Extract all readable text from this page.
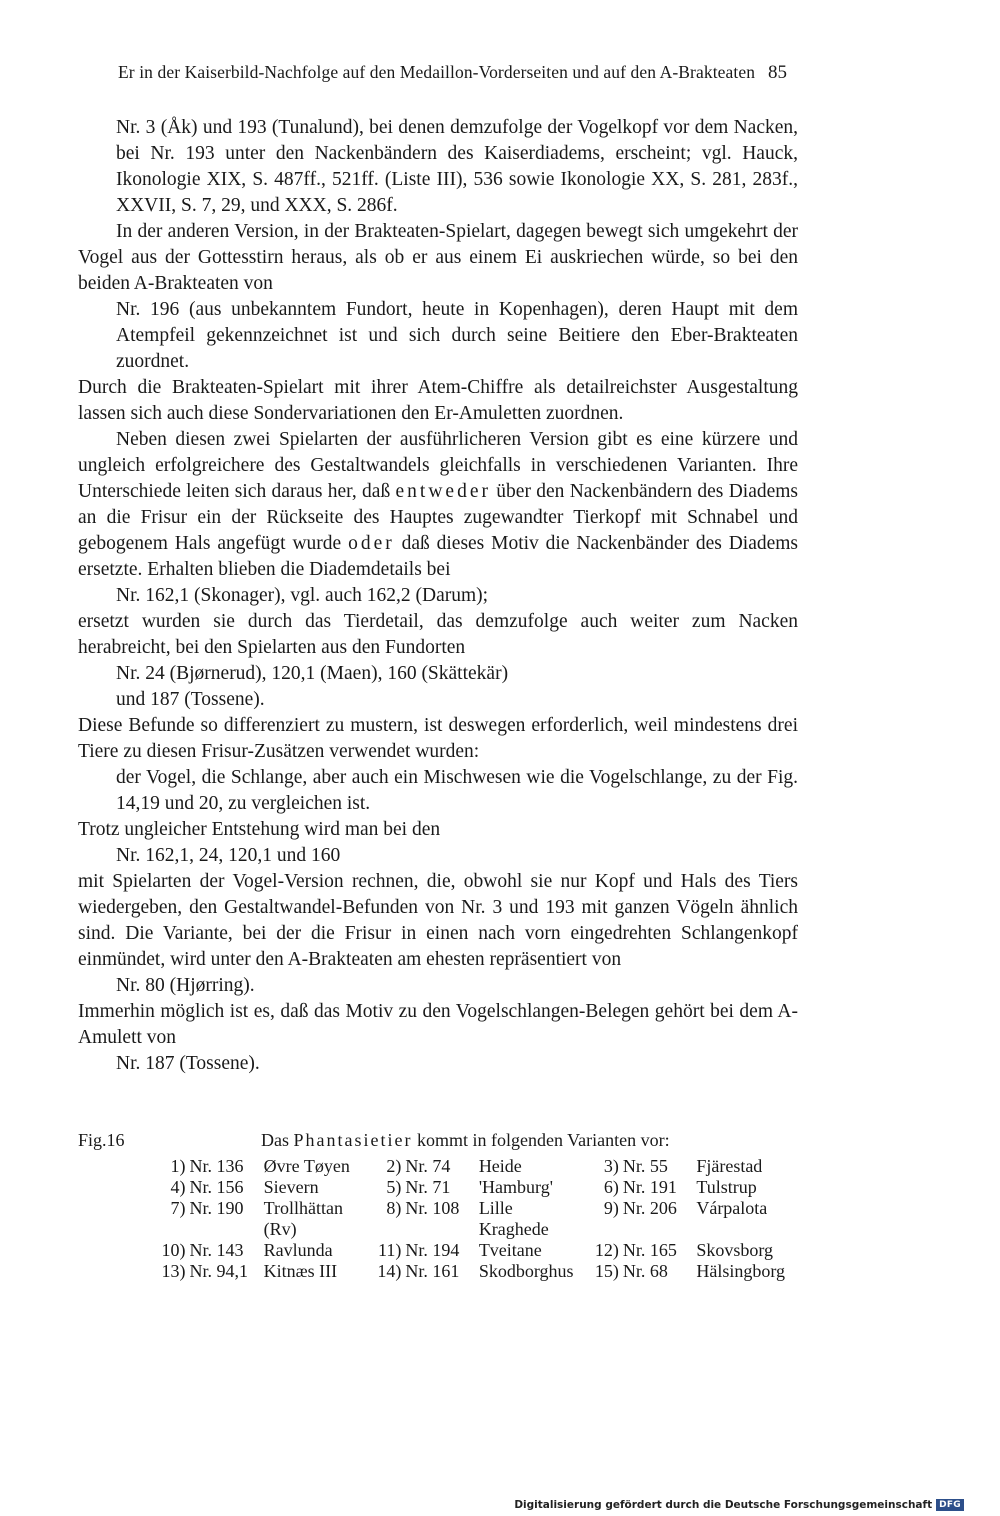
Er in der Kaiserbild-Nachfolge auf den Medaillon-Vorderseiten und auf den A-Brakteaten 85

Nr. 3 (Åk) und 193 (Tunalund), bei denen demzufolge der Vogelkopf vor dem Nacken, bei Nr. 193 unter den Nackenbändern des Kaiserdiadems, erscheint; vgl. Hauck, Ikonologie XIX, S. 487ff., 521ff. (Liste III), 536 sowie Ikonologie XX, S. 281, 283f., XXVII, S. 7, 29, und XXX, S. 286f.

In der anderen Version, in der Brakteaten-Spielart, dagegen bewegt sich umgekehrt der Vogel aus der Gottesstirn heraus, als ob er aus einem Ei auskriechen würde, so bei den beiden A-Brakteaten von

Nr. 196 (aus unbekanntem Fundort, heute in Kopenhagen), deren Haupt mit dem Atempfeil gekennzeichnet ist und sich durch seine Beitiere den Eber-Brakteaten zuordnet.

Durch die Brakteaten-Spielart mit ihrer Atem-Chiffre als detailreichster Ausgestaltung lassen sich auch diese Sondervariationen den Er-Amuletten zuordnen.

Neben diesen zwei Spielarten der ausführlicheren Version gibt es eine kürzere und ungleich erfolgreichere des Gestaltwandels gleichfalls in verschiedenen Varianten. Ihre Unterschiede leiten sich daraus her, daß entweder über den Nackenbändern des Diadems an die Frisur ein der Rückseite des Hauptes zugewandter Tierkopf mit Schnabel und gebogenem Hals angefügt wurde oder daß dieses Motiv die Nackenbänder des Diadems ersetzte. Erhalten blieben die Diademdetails bei

Nr. 162,1 (Skonager), vgl. auch 162,2 (Darum);

ersetzt wurden sie durch das Tierdetail, das demzufolge auch weiter zum Nacken herabreicht, bei den Spielarten aus den Fundorten

Nr. 24 (Bjørnerud), 120,1 (Maen), 160 (Skättekär)

und 187 (Tossene).

Diese Befunde so differenziert zu mustern, ist deswegen erforderlich, weil mindestens drei Tiere zu diesen Frisur-Zusätzen verwendet wurden:

der Vogel, die Schlange, aber auch ein Mischwesen wie die Vogelschlange, zu der Fig. 14,19 und 20, zu vergleichen ist.

Trotz ungleicher Entstehung wird man bei den

Nr. 162,1, 24, 120,1 und 160

mit Spielarten der Vogel-Version rechnen, die, obwohl sie nur Kopf und Hals des Tiers wiedergeben, den Gestaltwandel-Befunden von Nr. 3 und 193 mit ganzen Vögeln ähnlich sind. Die Variante, bei der die Frisur in einen nach vorn eingedrehten Schlangenkopf einmündet, wird unter den A-Brakteaten am ehesten repräsentiert von

Nr. 80 (Hjørring).

Immerhin möglich ist es, daß das Motiv zu den Vogelschlangen-Belegen gehört bei dem A-Amulett von

Nr. 187 (Tossene).

Fig.16	Das Phantasietier kommt in folgenden Varianten vor:
1)	Nr. 136	Øvre Tøyen	2)	Nr. 74	Heide	3)	Nr. 55	Fjärestad
4)	Nr. 156	Sievern	5)	Nr. 71	'Hamburg'	6)	Nr. 191	Tulstrup
7)	Nr. 190	Trollhättan (Rv)	8)	Nr. 108	Lille Kraghede	9)	Nr. 206	Várpalota
10)	Nr. 143	Ravlunda	11)	Nr. 194	Tveitane	12)	Nr. 165	Skovsborg
13)	Nr. 94,1	Kitnæs III	14)	Nr. 161	Skodborghus	15)	Nr. 68	Hälsingborg
Digitalisierung gefördert durch die Deutsche Forschungsgemeinschaft DFG
